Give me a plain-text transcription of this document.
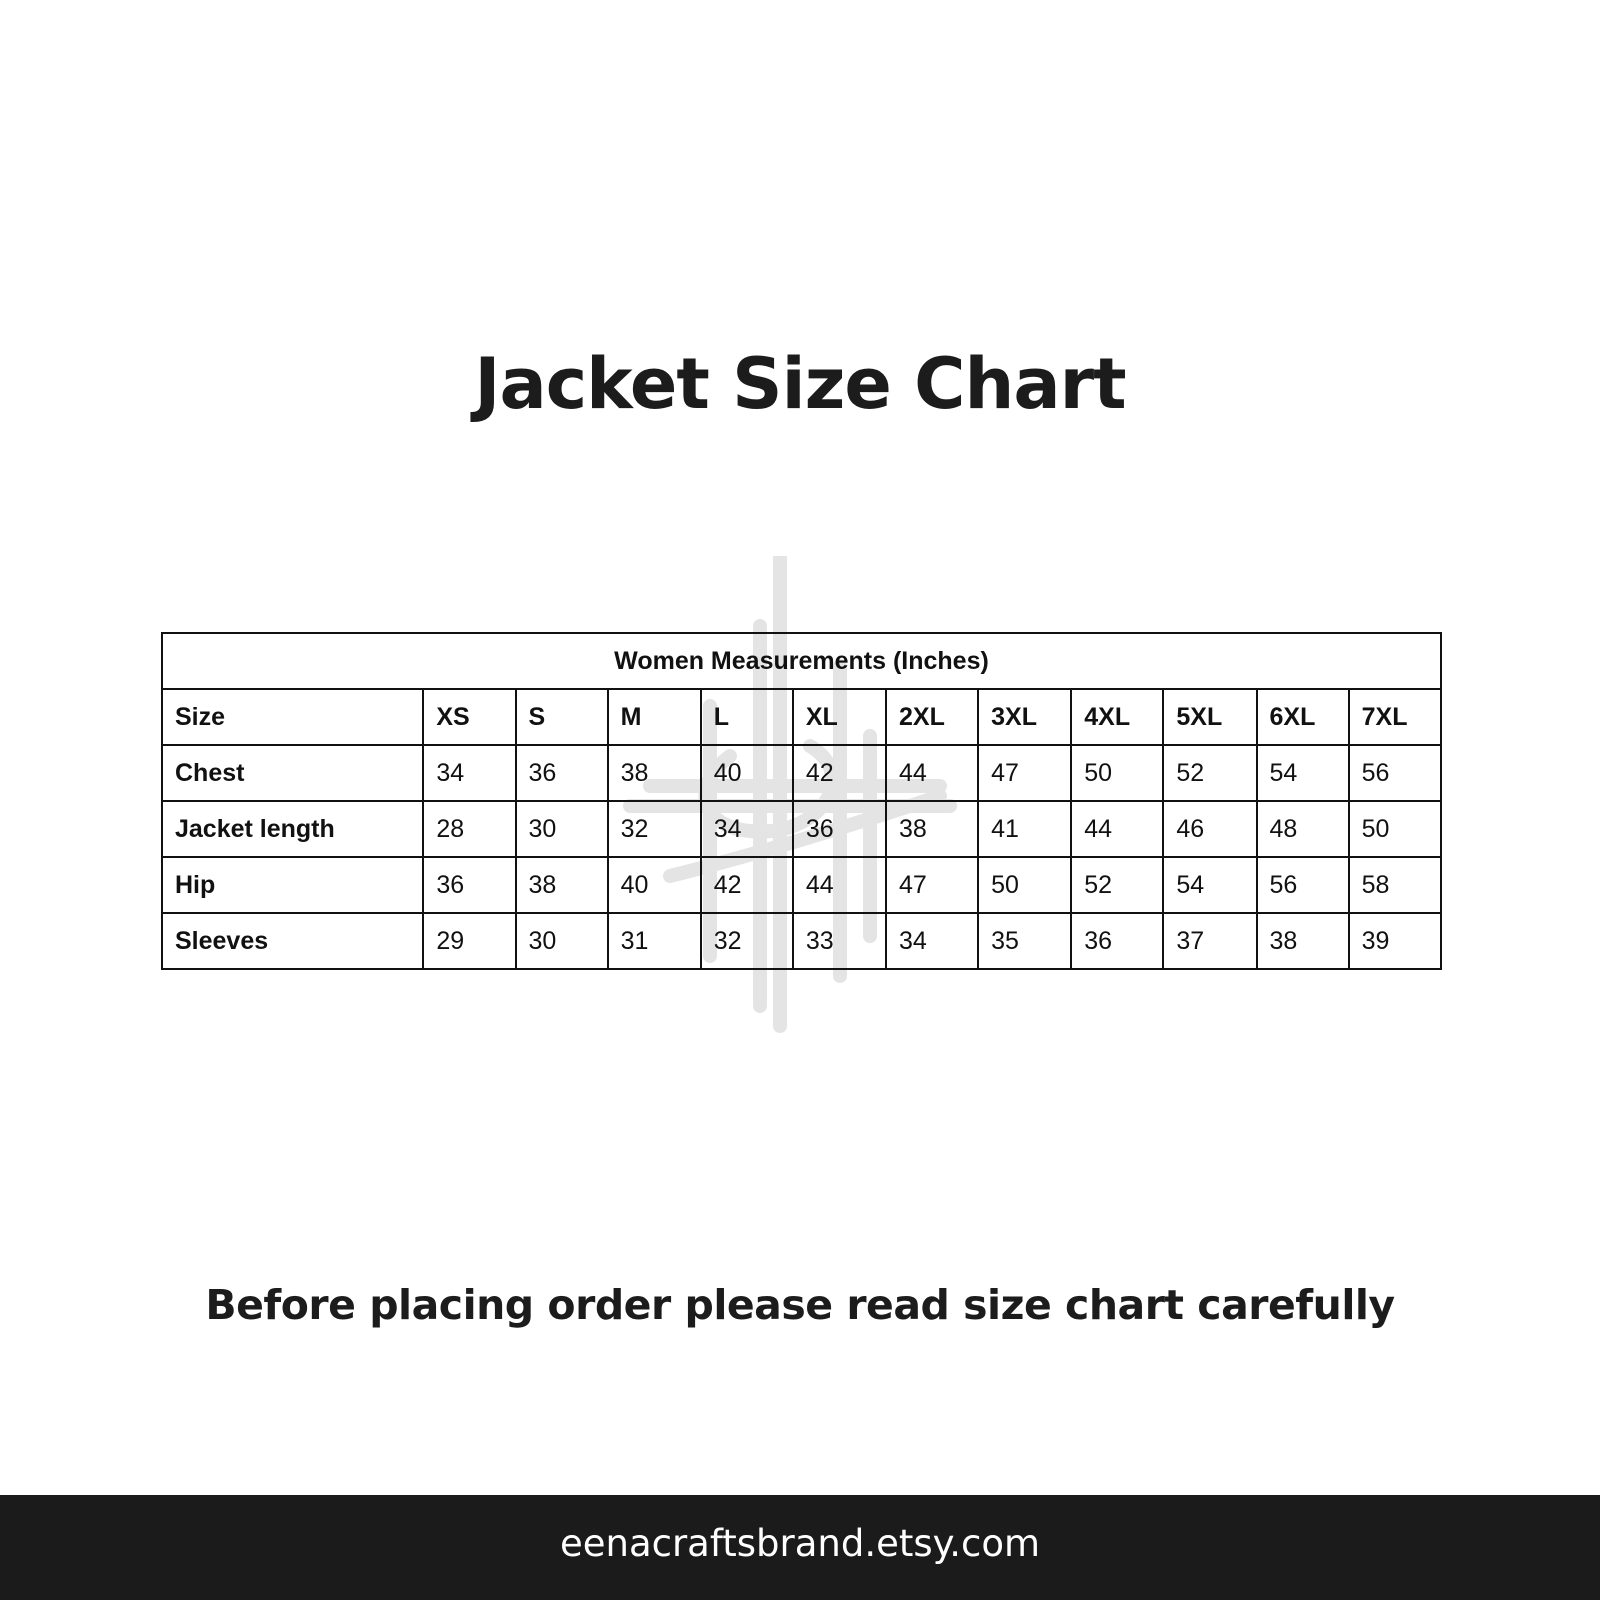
Jacket Size Chart
Women Measurements (Inches)											
Size	XS	S	M	L	XL	2XL	3XL	4XL	5XL	6XL	7XL
Chest	34	36	38	40	42	44	47	50	52	54	56
Jacket length	28	30	32	34	36	38	41	44	46	48	50
Hip	36	38	40	42	44	47	50	52	54	56	58
Sleeves	29	30	31	32	33	34	35	36	37	38	39
Before placing order please read size chart carefully
eenacraftsbrand.etsy.com
